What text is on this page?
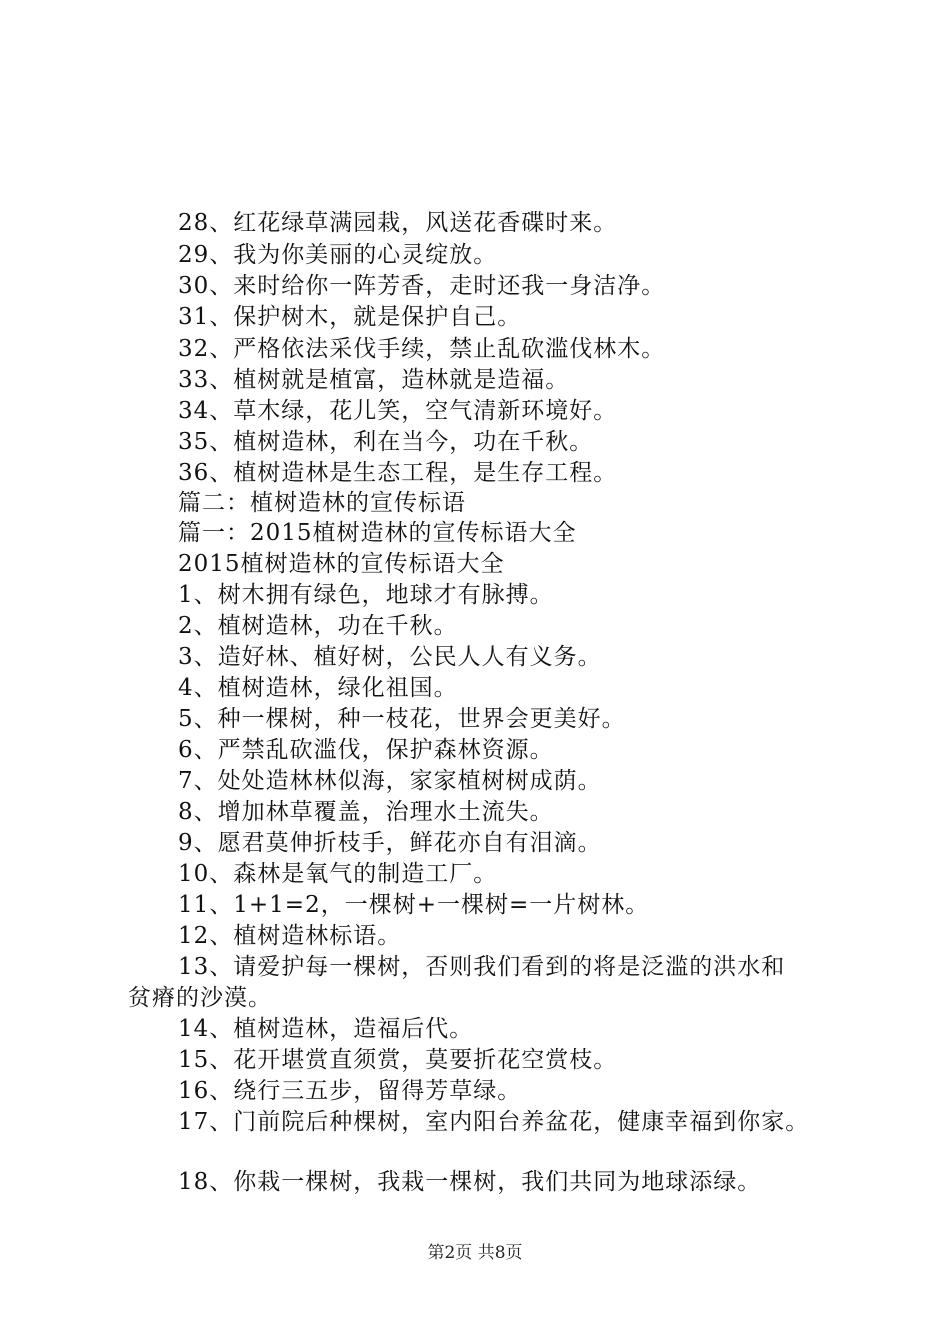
28、红花绿草满园栽，风送花香碟时来。
29、我为你美丽的心灵绽放。
30、来时给你一阵芳香，走时还我一身洁净。
31、保护树木，就是保护自己。
32、严格依法采伐手续，禁止乱砍滥伐林木。
33、植树就是植富，造林就是造福。
34、草木绿，花儿笑，空气清新环境好。
35、植树造林，利在当今，功在千秋。
36、植树造林是生态工程，是生存工程。
篇二：植树造林的宣传标语
篇一：2015植树造林的宣传标语大全
2015植树造林的宣传标语大全
1、树木拥有绿色，地球才有脉搏。
2、植树造林，功在千秋。
3、造好林、植好树，公民人人有义务。
4、植树造林，绿化祖国。
5、种一棵树，种一枝花，世界会更美好。
6、严禁乱砍滥伐，保护森林资源。
7、处处造林林似海，家家植树树成荫。
8、增加林草覆盖，治理水土流失。
9、愿君莫伸折枝手，鲜花亦自有泪滴。
10、森林是氧气的制造工厂。
11、1+1=2，一棵树+一棵树=一片树林。
12、植树造林标语。
13、请爱护每一棵树，否则我们看到的将是泛滥的洪水和
贫瘠的沙漠。
14、植树造林，造福后代。
15、花开堪赏直须赏，莫要折花空赏枝。
16、绕行三五步，留得芳草绿。
17、门前院后种棵树，室内阳台养盆花，健康幸福到你家。
18、你栽一棵树，我栽一棵树，我们共同为地球添绿。
第2页 共8页
